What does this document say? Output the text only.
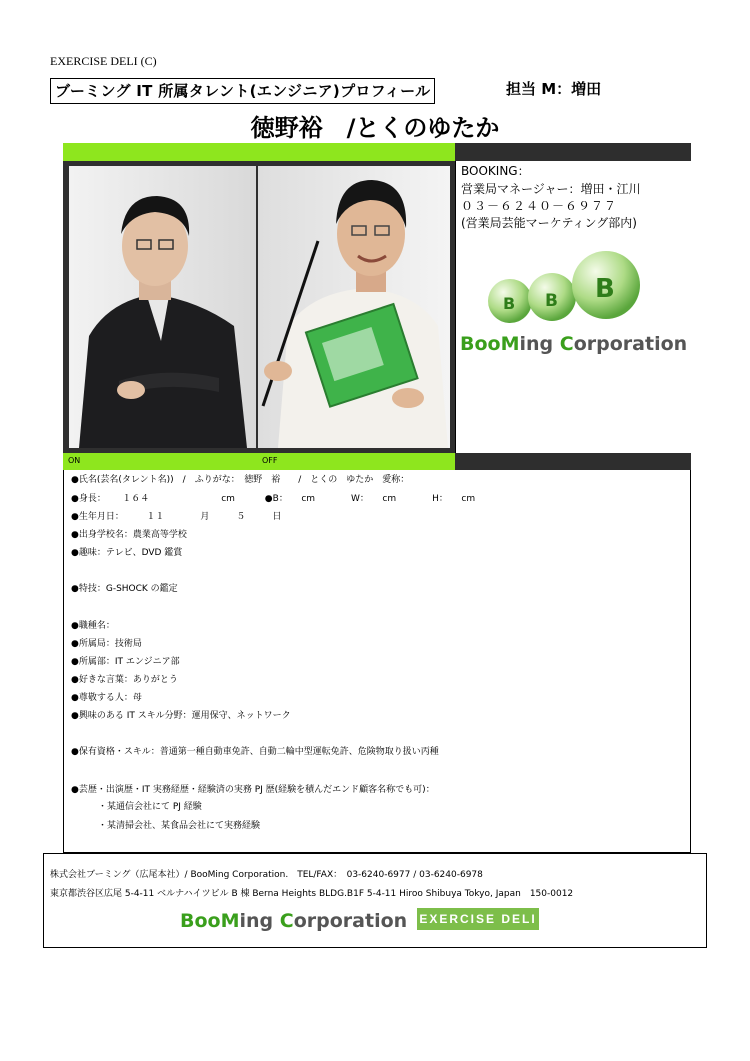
EXERCISE DELI (C)
ブーミング IT 所属タレント(エンジニア)プロフィール	担当 M：増田
徳野裕　/とくのゆたか
BOOKING：
営業局マネージャー：増田・江川
０３－６２４０－６９７７
(営業局芸能マーケティング部内)
B B B
BooMing Corporation
ON	OFF
●氏名(芸名(タレント名))　/　ふりがな：　徳野　裕　　/　とくの　ゆたか　愛称：
●身長：　　 １６４　　　　　　　　cm　　　 ●B：　　cm　　　　W：　　cm　　　　H：　　cm
●生年月日：　　　１１　　　　月　　　５　　　日
●出身学校名：農業高等学校
●趣味：テレビ、DVD 鑑賞
●特技：G-SHOCK の鑑定
●職種名：
●所属局：技術局
●所属部：IT エンジニア部
●好きな言葉：ありがとう
●尊敬する人：母
●興味のある IT スキル分野：運用保守、ネットワーク
●保有資格・スキル：普通第一種自動車免許、自動二輪中型運転免許、危険物取り扱い丙種
●芸歴・出演歴・IT 実務経歴・経験済の実務 PJ 歴(経験を積んだエンド顧客名称でも可)：
・某通信会社にて PJ 経験
・某清掃会社、某食品会社にて実務経験
株式会社ブーミング（広尾本社）/ BooMing Corporation.　TEL/FAX：　03-6240-6977 / 03-6240-6978
東京都渋谷区広尾 5-4-11 ベルナハイツビル B 棟 Berna Heights BLDG.B1F 5-4-11 Hiroo Shibuya Tokyo, Japan　150-0012
BooMing Corporation EXERCISE DELI
